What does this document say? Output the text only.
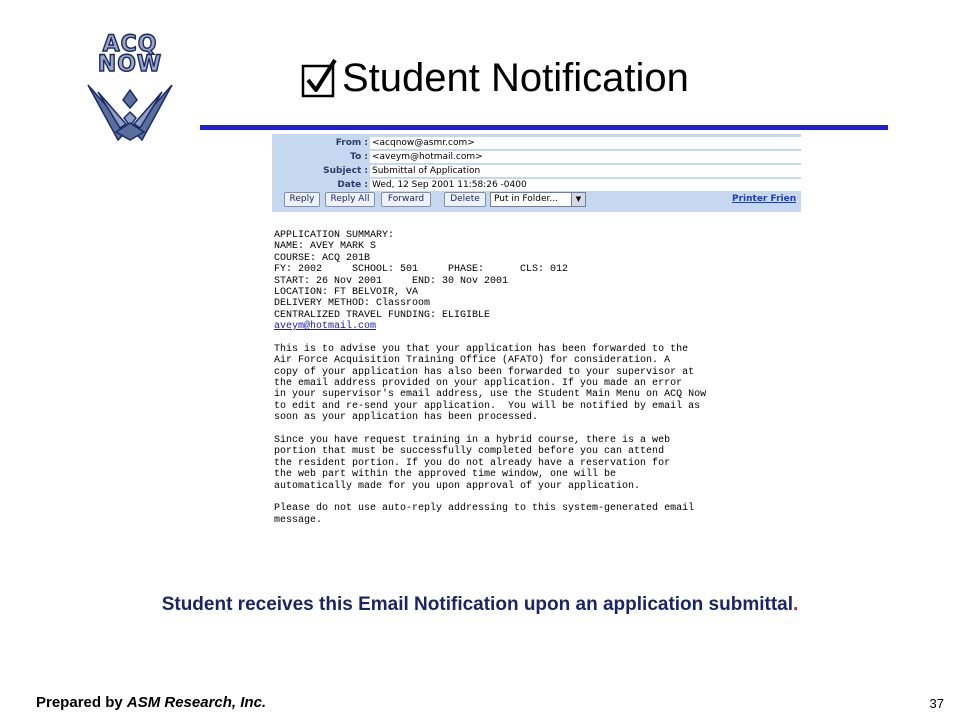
ACQ
NOW	Student Notification
From : <acqnow@asmr.com>
To : <aveym@hotmail.com>
Subject : Submittal of Application
Date : Wed, 12 Sep 2001 11:58:26 -0400
Reply	Reply All	Forward	Delete	Put in Folder...	▼	Printer Frien
APPLICATION SUMMARY:
NAME: AVEY MARK S
COURSE: ACQ 201B
FY: 2002     SCHOOL: 501     PHASE:      CLS: 012
START: 26 Nov 2001     END: 30 Nov 2001
LOCATION: FT BELVOIR, VA
DELIVERY METHOD: Classroom
CENTRALIZED TRAVEL FUNDING: ELIGIBLE
aveym@hotmail.com
This is to advise you that your application has been forwarded to the
Air Force Acquisition Training Office (AFATO) for consideration. A
copy of your application has also been forwarded to your supervisor at
the email address provided on your application. If you made an error
in your supervisor's email address, use the Student Main Menu on ACQ Now
to edit and re-send your application.  You will be notified by email as
soon as your application has been processed.
Since you have request training in a hybrid course, there is a web
portion that must be successfully completed before you can attend
the resident portion. If you do not already have a reservation for
the web part within the approved time window, one will be
automatically made for you upon approval of your application.
Please do not use auto-reply addressing to this system-generated email
message.
Student receives this Email Notification upon an application submittal.
Prepared by ASM Research, Inc.	37
